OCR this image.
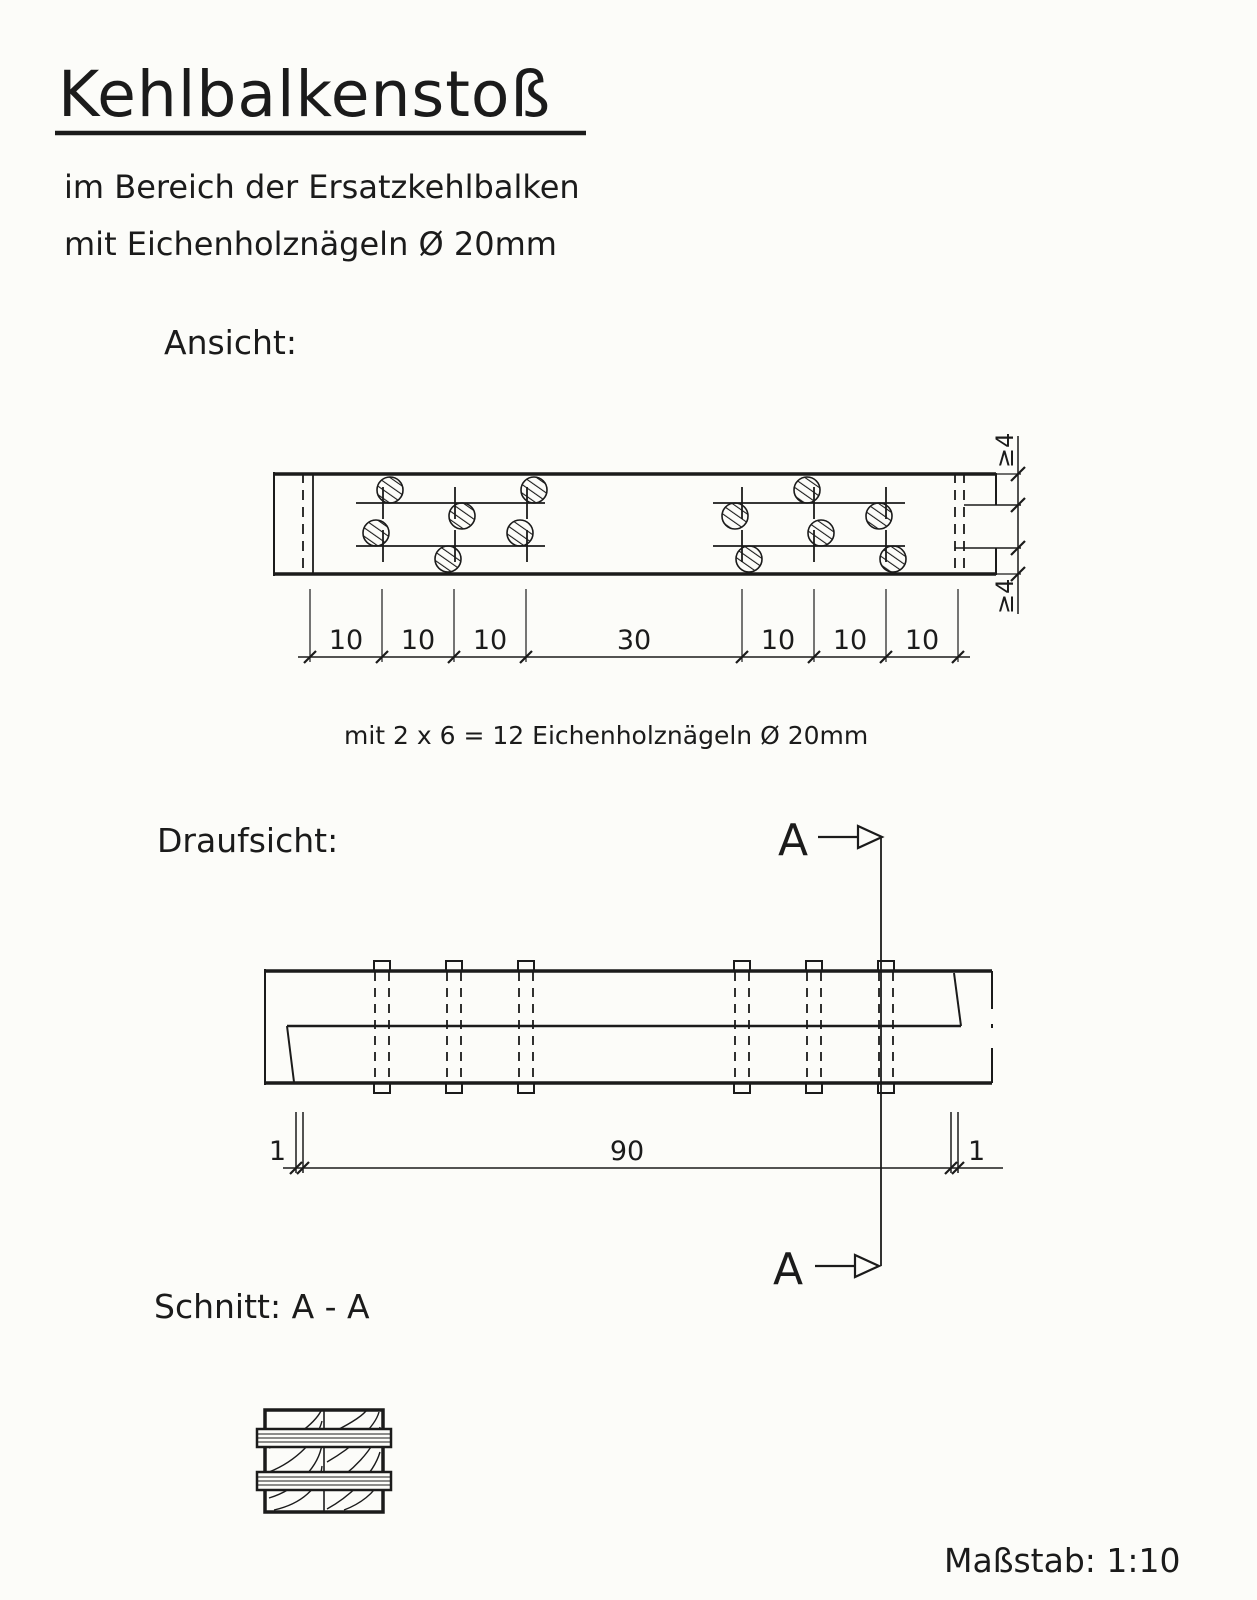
Kehlbalkenstoß
im Bereich der Ersatzkehlbalken
mit Eichenholznägeln Ø 20mm
Ansicht:
≥4
≥4
10 10 10	30	10 10 10
mit 2 x 6 = 12 Eichenholznägeln Ø 20mm
Draufsicht:	A
A
1	90	1
Schnitt: A - A
Maßstab: 1:10
